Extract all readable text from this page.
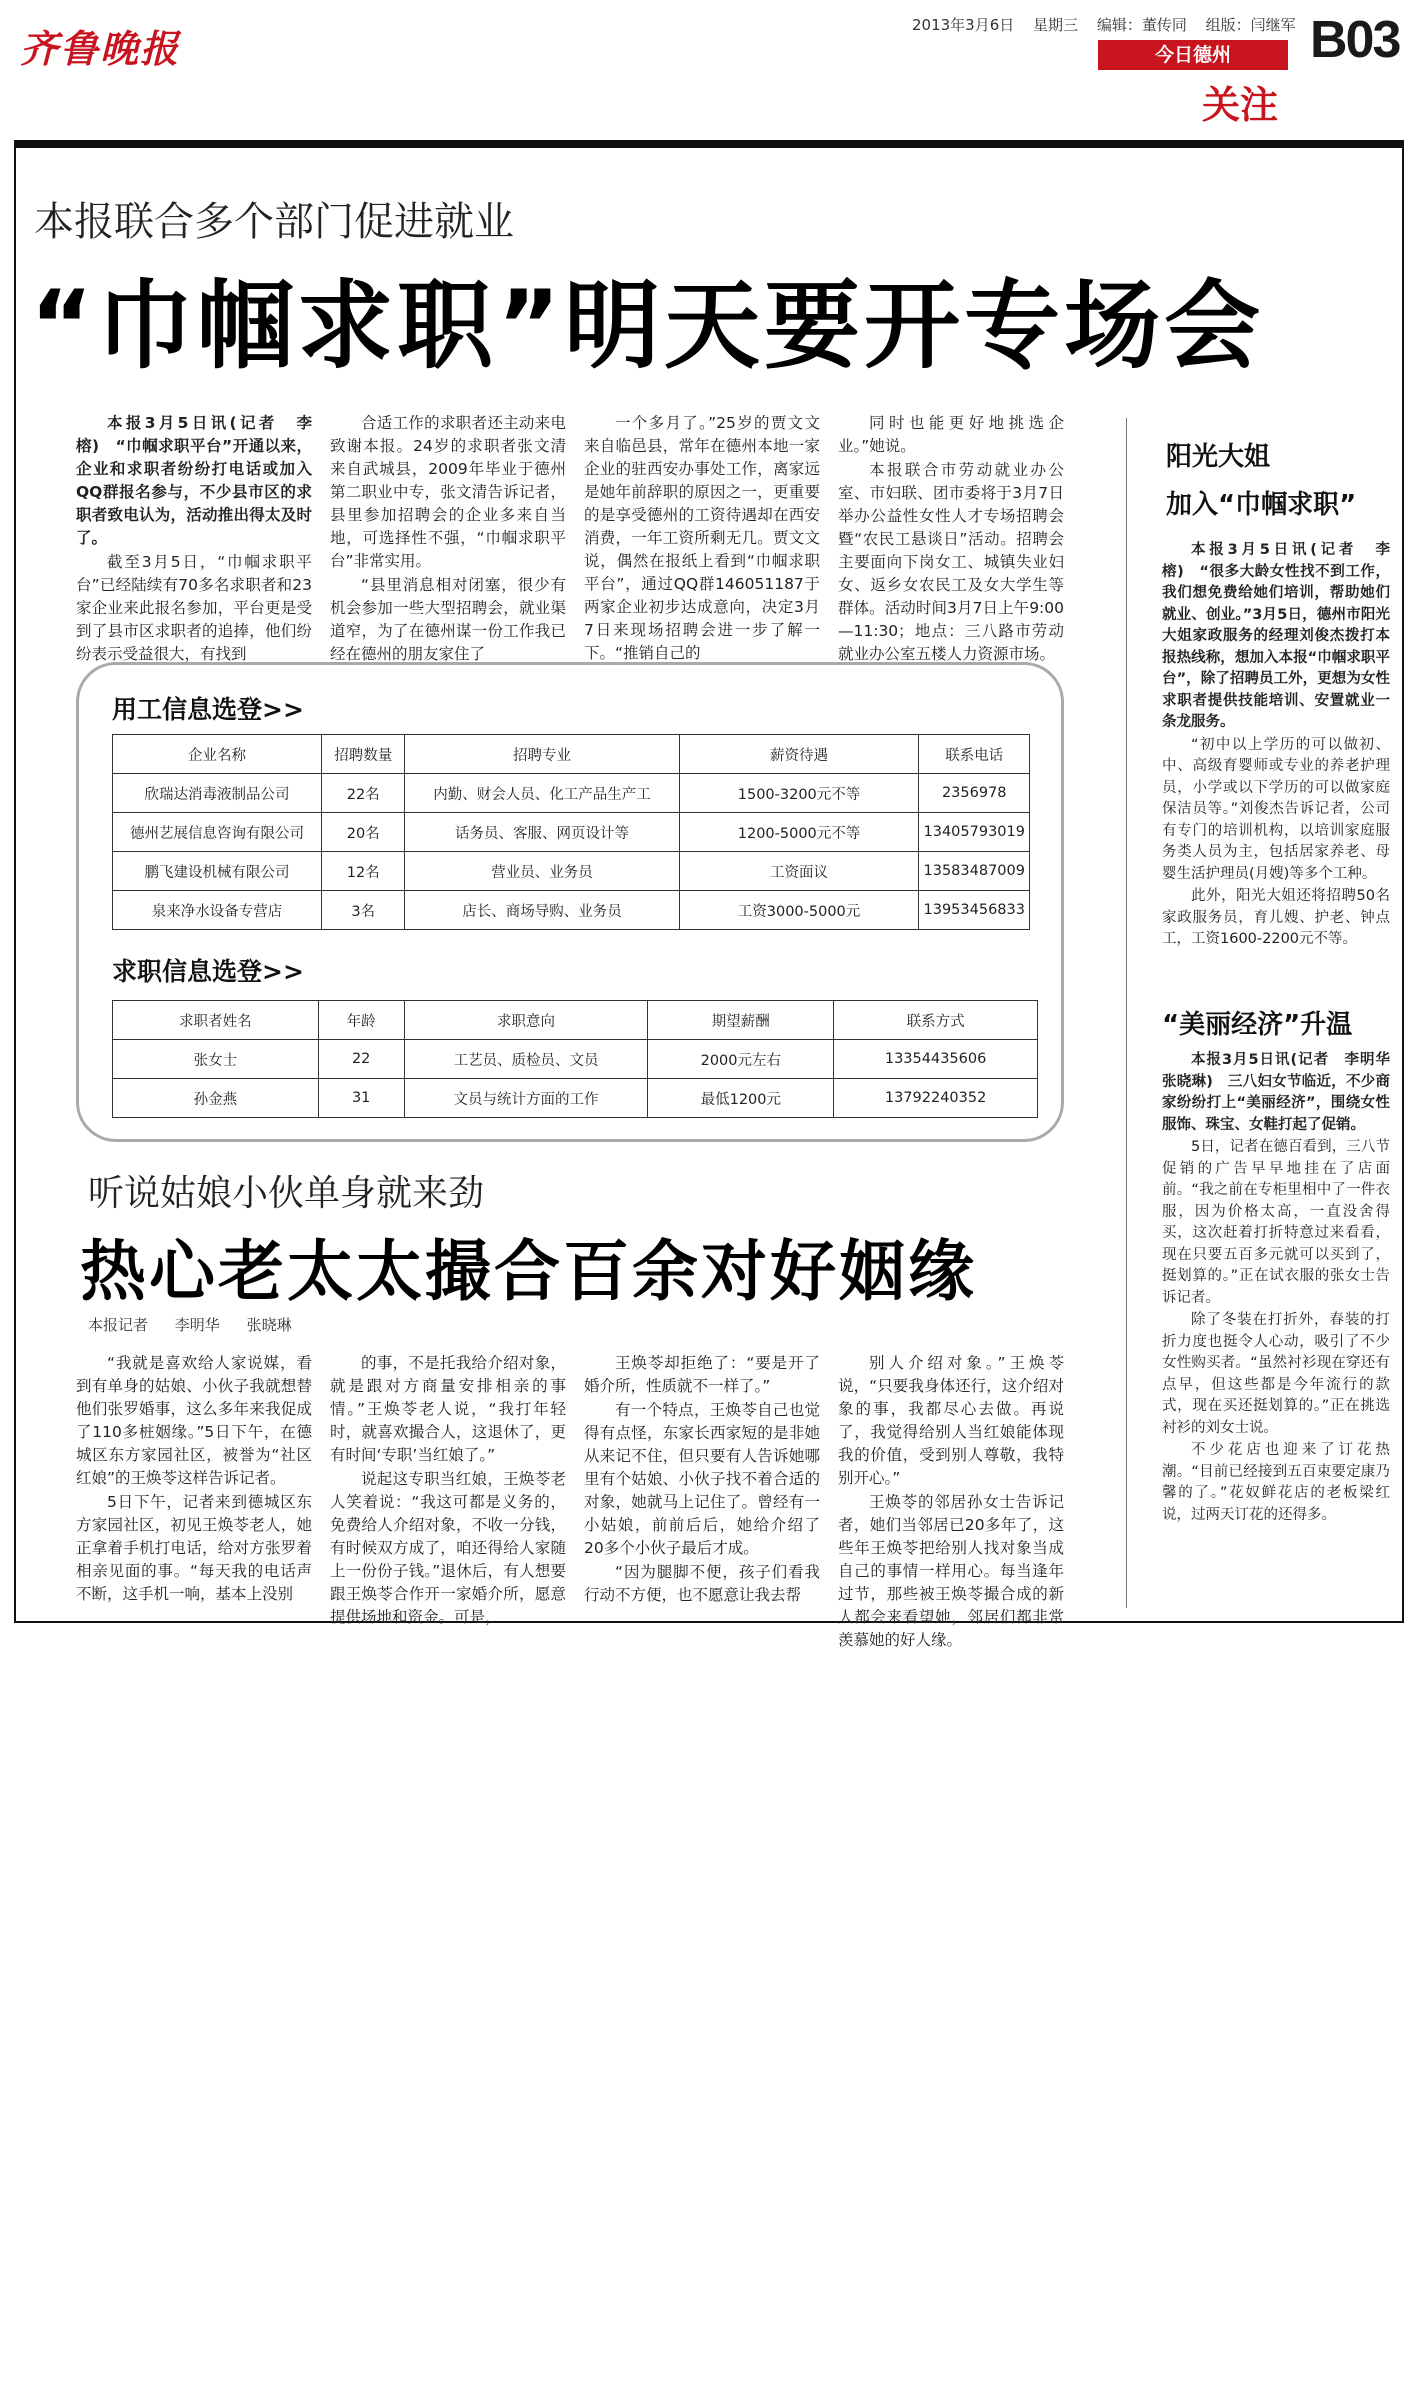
齐鲁晚报
2013年3月6日 星期三 编辑：董传同 组版：闫继军
今日德州	B03
关注
本报联合多个部门促进就业
“巾帼求职”明天要开专场会

本报3月5日讯(记者　李榕)　“巾帼求职平台”开通以来，企业和求职者纷纷打电话或加入QQ群报名参与，不少县市区的求职者致电认为，活动推出得太及时了。

截至3月5日，“巾帼求职平台”已经陆续有70多名求职者和23家企业来此报名参加，平台更是受到了县市区求职者的追捧，他们纷纷表示受益很大，有找到

合适工作的求职者还主动来电致谢本报。24岁的求职者张文清来自武城县，2009年毕业于德州第二职业中专，张文清告诉记者，县里参加招聘会的企业多来自当地，可选择性不强，“巾帼求职平台”非常实用。

“县里消息相对闭塞，很少有机会参加一些大型招聘会，就业渠道窄，为了在德州谋一份工作我已经在德州的朋友家住了

一个多月了。”25岁的贾文文来自临邑县，常年在德州本地一家企业的驻西安办事处工作，离家远是她年前辞职的原因之一，更重要的是享受德州的工资待遇却在西安消费，一年工资所剩无几。贾文文说，偶然在报纸上看到“巾帼求职平台”，通过QQ群146051187于两家企业初步达成意向，决定3月7日来现场招聘会进一步了解一下。“推销自己的

同时也能更好地挑选企业。”她说。

本报联合市劳动就业办公室、市妇联、团市委将于3月7日举办公益性女性人才专场招聘会暨“农民工悬谈日”活动。招聘会主要面向下岗女工、城镇失业妇女、返乡女农民工及女大学生等群体。活动时间3月7日上午9:00—11:30；地点：三八路市劳动就业办公室五楼人力资源市场。

用工信息选登>>
企业名称	招聘数量	招聘专业	薪资待遇	联系电话
欣瑞达消毒液制品公司	22名	内勤、财会人员、化工产品生产工	1500-3200元不等	2356978
德州艺展信息咨询有限公司	20名	话务员、客服、网页设计等	1200-5000元不等	13405793019
鹏飞建设机械有限公司	12名	营业员、业务员	工资面议	13583487009
泉来净水设备专营店	3名	店长、商场导购、业务员	工资3000-5000元	13953456833
求职信息选登>>
求职者姓名	年龄	求职意向	期望薪酬	联系方式
张女士	22	工艺员、质检员、文员	2000元左右	13354435606
孙金燕	31	文员与统计方面的工作	最低1200元	13792240352
听说姑娘小伙单身就来劲
热心老太太撮合百余对好姻缘
本报记者 李明华 张晓琳

“我就是喜欢给人家说媒，看到有单身的姑娘、小伙子我就想替他们张罗婚事，这么多年来我促成了110多桩姻缘。”5日下午，在德城区东方家园社区，被誉为“社区红娘”的王焕苓这样告诉记者。

5日下午，记者来到德城区东方家园社区，初见王焕苓老人，她正拿着手机打电话，给对方张罗着相亲见面的事。“每天我的电话声不断，这手机一响，基本上没别

的事，不是托我给介绍对象，就是跟对方商量安排相亲的事情。”王焕苓老人说，“我打年轻时，就喜欢撮合人，这退休了，更有时间‘专职’当红娘了。”

说起这专职当红娘，王焕苓老人笑着说：“我这可都是义务的，免费给人介绍对象，不收一分钱，有时候双方成了，咱还得给人家随上一份份子钱。”退休后，有人想要跟王焕苓合作开一家婚介所，愿意提供场地和资金。可是，

王焕苓却拒绝了：“要是开了婚介所，性质就不一样了。”

有一个特点，王焕苓自己也觉得有点怪，东家长西家短的是非她从来记不住，但只要有人告诉她哪里有个姑娘、小伙子找不着合适的对象，她就马上记住了。曾经有一小姑娘，前前后后，她给介绍了20多个小伙子最后才成。

“因为腿脚不便，孩子们看我行动不方便，也不愿意让我去帮

别人介绍对象。”王焕苓说，“只要我身体还行，这介绍对象的事，我都尽心去做。再说了，我觉得给别人当红娘能体现我的价值，受到别人尊敬，我特别开心。”

王焕苓的邻居孙女士告诉记者，她们当邻居已20多年了，这些年王焕苓把给别人找对象当成自己的事情一样用心。每当逢年过节，那些被王焕苓撮合成的新人都会来看望她，邻居们都非常羡慕她的好人缘。

阳光大姐
加入“巾帼求职”

本报3月5日讯(记者　李榕)　“很多大龄女性找不到工作，我们想免费给她们培训，帮助她们就业、创业。”3月5日，德州市阳光大姐家政服务的经理刘俊杰拨打本报热线称，想加入本报“巾帼求职平台”，除了招聘员工外，更想为女性求职者提供技能培训、安置就业一条龙服务。

“初中以上学历的可以做初、中、高级育婴师或专业的养老护理员，小学或以下学历的可以做家庭保洁员等。”刘俊杰告诉记者，公司有专门的培训机构，以培训家庭服务类人员为主，包括居家养老、母婴生活护理员(月嫂)等多个工种。

此外，阳光大姐还将招聘50名家政服务员，育儿嫂、护老、钟点工，工资1600-2200元不等。

“美丽经济”升温

本报3月5日讯(记者　李明华　张晓琳)　三八妇女节临近，不少商家纷纷打上“美丽经济”，围绕女性服饰、珠宝、女鞋打起了促销。

5日，记者在德百看到，三八节促销的广告早早地挂在了店面前。“我之前在专柜里相中了一件衣服，因为价格太高，一直没舍得买，这次赶着打折特意过来看看，现在只要五百多元就可以买到了，挺划算的。”正在试衣服的张女士告诉记者。

除了冬装在打折外，春装的打折力度也挺令人心动，吸引了不少女性购买者。“虽然衬衫现在穿还有点早，但这些都是今年流行的款式，现在买还挺划算的。”正在挑选衬衫的刘女士说。

不少花店也迎来了订花热潮。“目前已经接到五百束要定康乃馨的了。”花奴鲜花店的老板梁红说，过两天订花的还得多。
